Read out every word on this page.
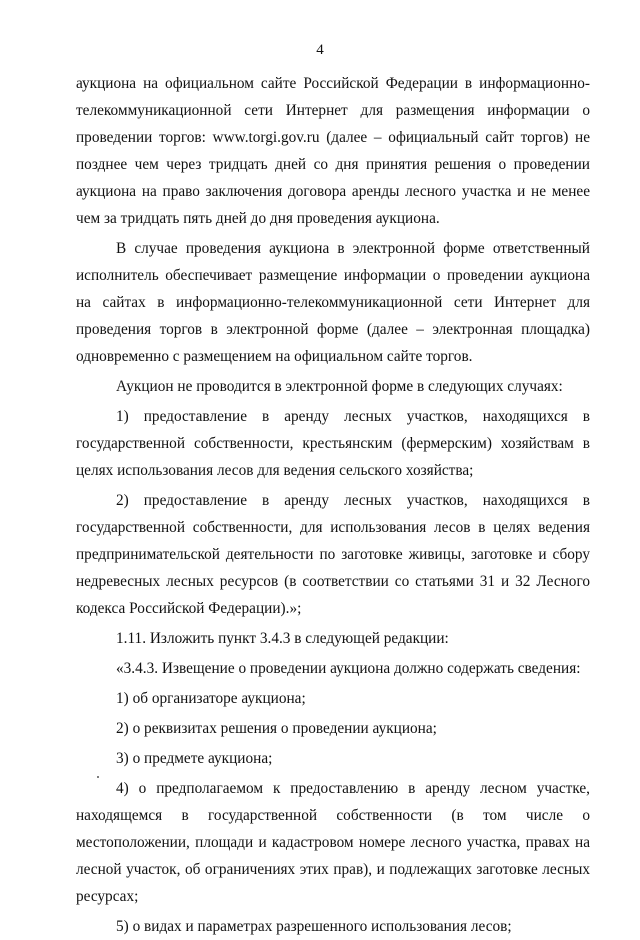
4

аукциона на официальном сайте Российской Федерации в информационно-телекоммуникационной сети Интернет для размещения информации о проведении торгов: www.torgi.gov.ru (далее – официальный сайт торгов) не позднее чем через тридцать дней со дня принятия решения о проведении аукциона на право заключения договора аренды лесного участка и не менее чем за тридцать пять дней до дня проведения аукциона.

В случае проведения аукциона в электронной форме ответственный исполнитель обеспечивает размещение информации о проведении аукциона на сайтах в информационно-телекоммуникационной сети Интернет для проведения торгов в электронной форме (далее – электронная площадка) одновременно с размещением на официальном сайте торгов.

Аукцион не проводится в электронной форме в следующих случаях:

1) предоставление в аренду лесных участков, находящихся в государственной собственности, крестьянским (фермерским) хозяйствам в целях использования лесов для ведения сельского хозяйства;

2) предоставление в аренду лесных участков, находящихся в государственной собственности, для использования лесов в целях ведения предпринимательской деятельности по заготовке живицы, заготовке и сбору недревесных лесных ресурсов (в соответствии со статьями 31 и 32 Лесного кодекса Российской Федерации).»;

1.11. Изложить пункт 3.4.3 в следующей редакции:

«3.4.3. Извещение о проведении аукциона должно содержать сведения:

1) об организаторе аукциона;

2) о реквизитах решения о проведении аукциона;

3) о предмете аукциона;

4) о предполагаемом к предоставлению в аренду лесном участке, находящемся в государственной собственности (в том числе о местоположении, площади и кадастровом номере лесного участка, правах на лесной участок, об ограничениях этих прав), и подлежащих заготовке лесных ресурсах;

5) о видах и параметрах разрешенного использования лесов;
